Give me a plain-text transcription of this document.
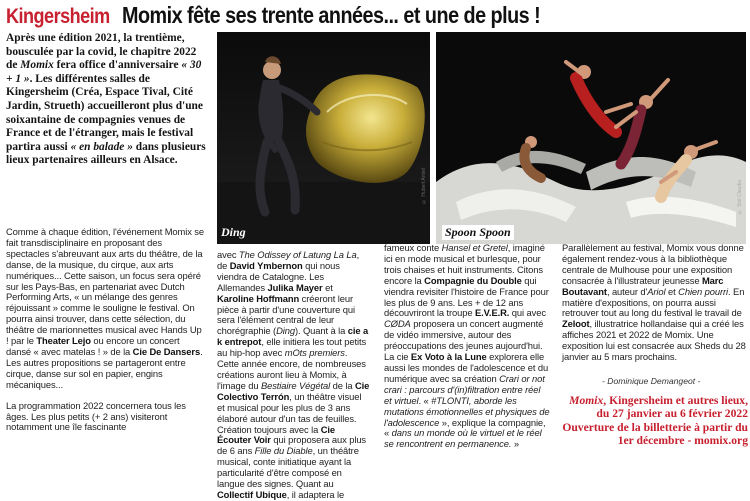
Kingersheim Momix fête ses trente années... et une de plus !
Après une édition 2021, la trentième, bousculée par la covid, le chapitre 2022 de Momix fera office d'anniversaire « 30 + 1 ». Les différentes salles de Kingersheim (Créa, Espace Tival, Cité Jardin, Strueth) accueilleront plus d'une soixantaine de compagnies venues de France et de l'étranger, mais le festival partira aussi « en balade » dans plusieurs lieux partenaires ailleurs en Alsace.
© Hubert Amiel
Ding
© Sint Claudia
Spoon Spoon

Comme à chaque édition, l'événement Momix se fait transdisciplinaire en proposant des spectacles s'abreuvant aux arts du théâtre, de la danse, de la musique, du cirque, aux arts numériques... Cette saison, un focus sera opéré sur les Pays-Bas, en partenariat avec Dutch Performing Arts, « un mélange des genres réjouissant » comme le souligne le festival. On pourra ainsi trouver, dans cette sélection, du théâtre de marionnettes musical avec Hands Up ! par le Theater Lejo ou encore un concert dansé « avec matelas ! » de la Cie De Dansers. Les autres propositions se partageront entre cirque, danse sur sol en papier, engins mécaniques...

La programmation 2022 concernera tous les âges. Les plus petits (+ 2 ans) visiteront notamment une île fascinante

avec The Odissey of Latung La La, de David Ymbernon qui nous viendra de Catalogne. Les Allemandes Julika Mayer et Karoline Hoffmann créeront leur pièce à partir d'une couverture qui sera l'élément central de leur chorégraphie (Ding). Quant à la cie a k entrepot, elle initiera les tout petits au hip-hop avec mOts premiers.

Cette année encore, de nombreuses créations auront lieu à Momix, à l'image du Bestiaire Végétal de la Cie Colectivo Terrón, un théâtre visuel et musical pour les plus de 3 ans élaboré autour d'un tas de feuilles. Création toujours avec la Cie Écouter Voir qui proposera aux plus de 6 ans Fille du Diable, un théâtre musical, conte initiatique ayant la particularité d'être composé en langue des signes. Quant au Collectif Ubique, il adaptera le

fameux conte Hansel et Gretel, imaginé ici en mode musical et burlesque, pour trois chaises et huit instruments. Citons encore la Compagnie du Double qui viendra revisiter l'histoire de France pour les plus de 9 ans. Les + de 12 ans découvriront la troupe E.V.E.R. qui avec CØDA proposera un concert augmenté de vidéo immersive, autour des préoccupations des jeunes aujourd'hui. La cie Ex Voto à la Lune explorera elle aussi les mondes de l'adolescence et du numérique avec sa création Crari or not crari : parcours d'(in)filtration entre réel et virtuel. « #TLONTI, aborde les mutations émotionnelles et physiques de l'adolescence », explique la compagnie, « dans un monde où le virtuel et le réel se rencontrent en permanence. »

Parallèlement au festival, Momix vous donne également rendez-vous à la bibliothèque centrale de Mulhouse pour une exposition consacrée à l'illustrateur jeunesse Marc Boutavant, auteur d'Ariol et Chien pourri. En matière d'expositions, on pourra aussi retrouver tout au long du festival le travail de Zeloot, illustratrice hollandaise qui a créé les affiches 2021 et 2022 de Momix. Une exposition lui est consacrée aux Sheds du 28 janvier au 5 mars prochains.

- Dominique Demangeot -
Momix, Kingersheim et autres lieux, du 27 janvier au 6 février 2022
Ouverture de la billetterie à partir du 1er décembre - momix.org
